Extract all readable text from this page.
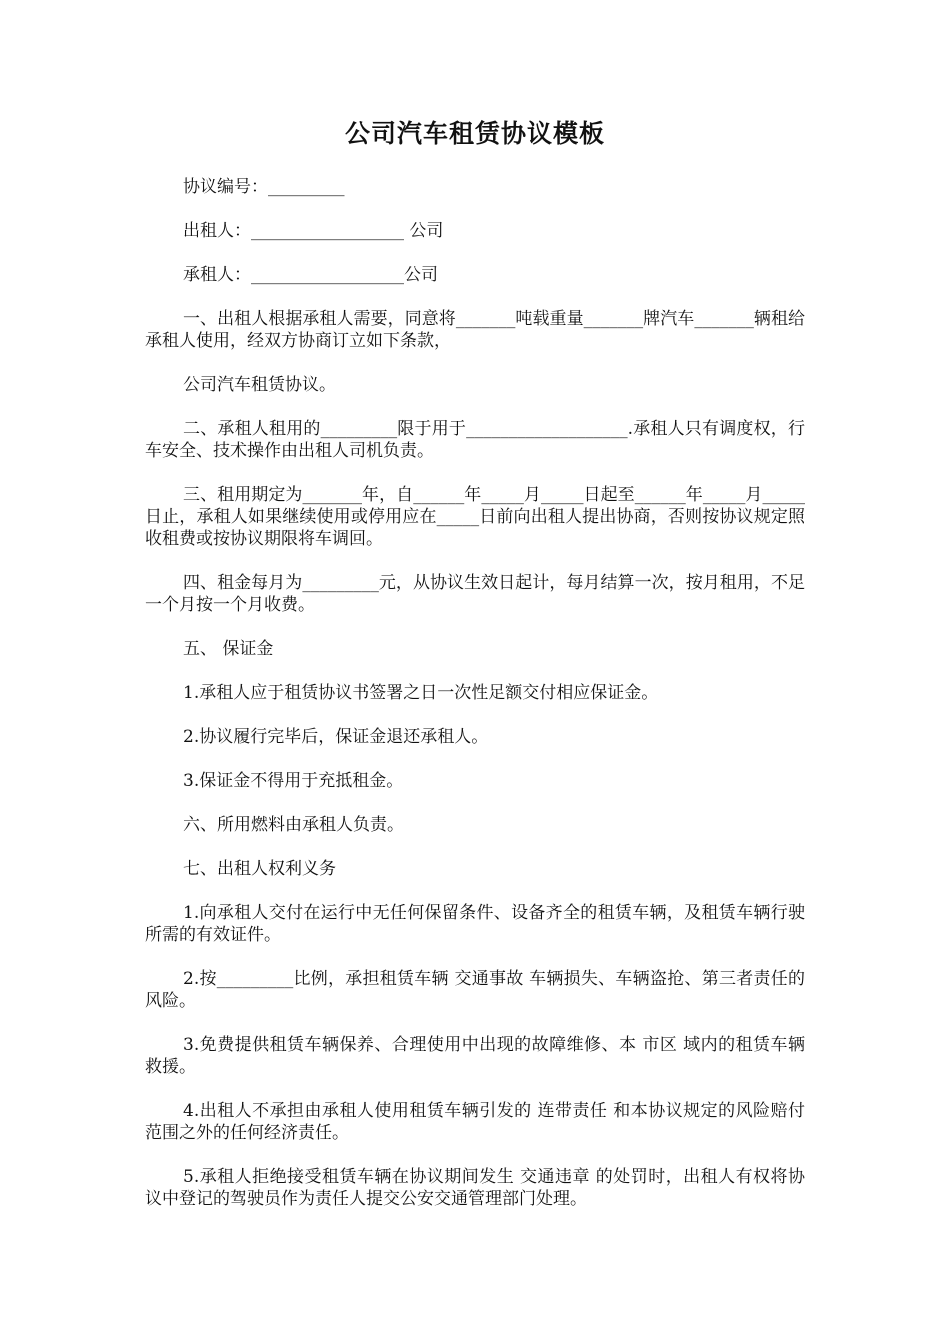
公司汽车租赁协议模板

协议编号：_________

出租人：__________________ 公司

承租人：__________________公司

一、出租人根据承租人需要，同意将_______吨载重量_______牌汽车_______辆租给承租人使用，经双方协商订立如下条款，

公司汽车租赁协议。

二、承租人租用的_________限于用于___________________.承租人只有调度权，行车安全、技术操作由出租人司机负责。

三、租用期定为_______年，自______年_____月_____日起至______年_____月_____日止，承租人如果继续使用或停用应在_____日前向出租人提出协商，否则按协议规定照收租费或按协议期限将车调回。

四、租金每月为_________元，从协议生效日起计，每月结算一次，按月租用，不足一个月按一个月收费。

五、 保证金

1.承租人应于租赁协议书签署之日一次性足额交付相应保证金。

2.协议履行完毕后，保证金退还承租人。

3.保证金不得用于充抵租金。

六、所用燃料由承租人负责。

七、出租人权利义务

1.向承租人交付在运行中无任何保留条件、设备齐全的租赁车辆，及租赁车辆行驶所需的有效证件。

2.按_________比例，承担租赁车辆 交通事故 车辆损失、车辆盗抢、第三者责任的风险。

3.免费提供租赁车辆保养、合理使用中出现的故障维修、本 市区 域内的租赁车辆救援。

4.出租人不承担由承租人使用租赁车辆引发的 连带责任 和本协议规定的风险赔付范围之外的任何经济责任。

5.承租人拒绝接受租赁车辆在协议期间发生 交通违章 的处罚时，出租人有权将协议中登记的驾驶员作为责任人提交公安交通管理部门处理。
